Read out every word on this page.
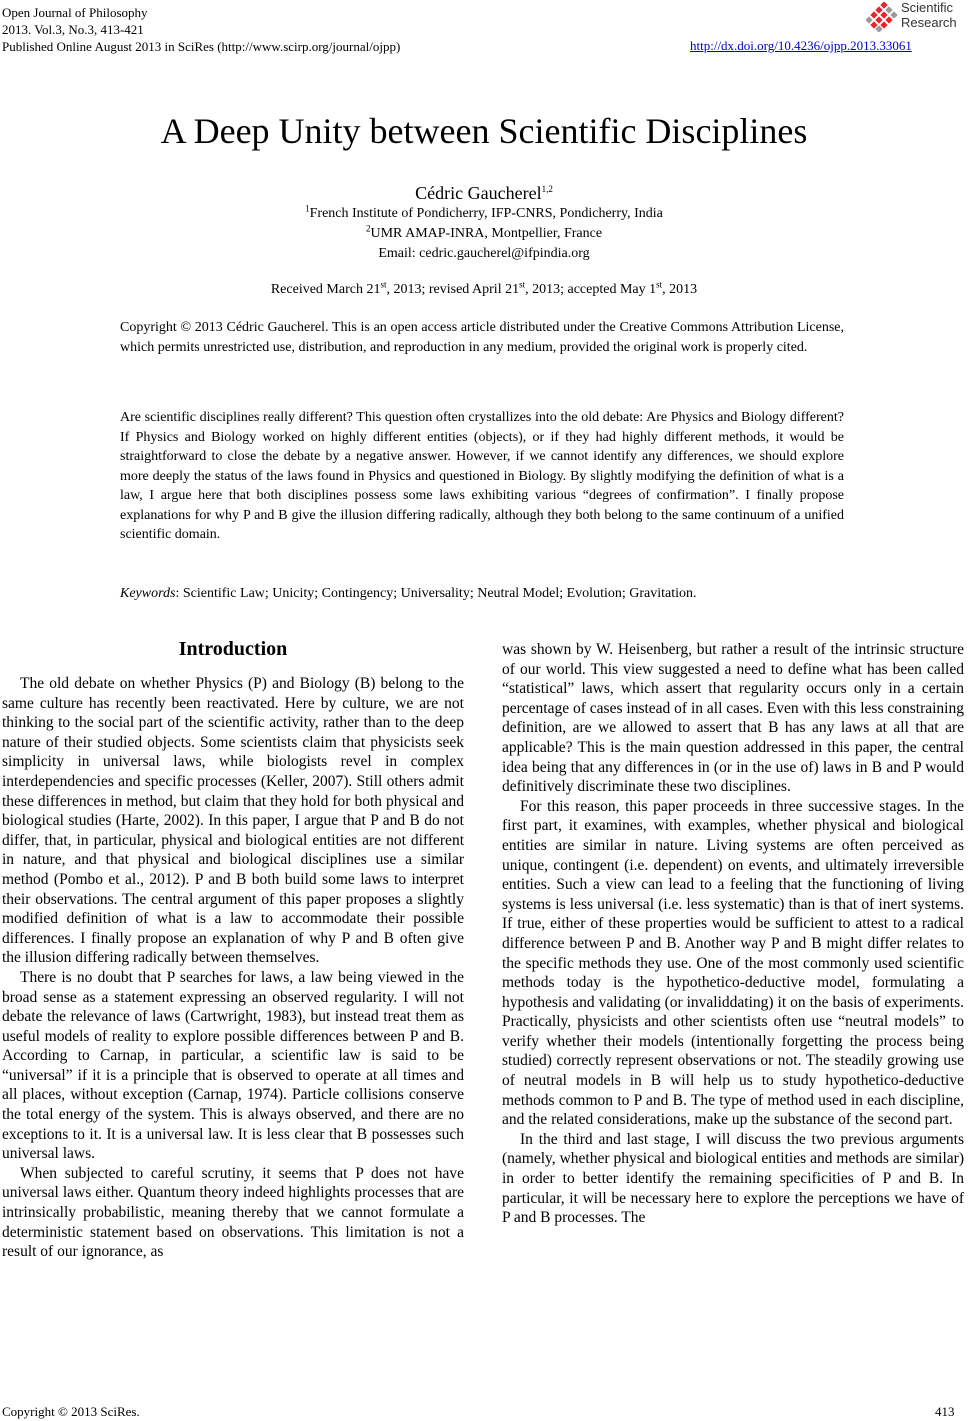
Open Journal of Philosophy
2013. Vol.3, No.3, 413-421
Published Online August 2013 in SciRes (http://www.scirp.org/journal/ojpp)	http://dx.doi.org/10.4236/ojpp.2013.33061
Scientific
Research
A Deep Unity between Scientific Disciplines
Cédric Gaucherel$^{1,2}$
$^1$French Institute of Pondicherry, IFP-CNRS, Pondicherry, India
$^2$UMR AMAP-INRA, Montpellier, France
Email: cedric.gaucherel@ifpindia.org
Received March 21st, 2013; revised April 21st, 2013; accepted May 1st, 2013
Copyright © 2013 Cédric Gaucherel. This is an open access article distributed under the Creative Commons Attribution License, which permits unrestricted use, distribution, and reproduction in any medium, provided the original work is properly cited.
Are scientific disciplines really different? This question often crystallizes into the old debate: Are Physics and Biology different? If Physics and Biology worked on highly different entities (objects), or if they had highly different methods, it would be straightforward to close the debate by a negative answer. However, if we cannot identify any differences, we should explore more deeply the status of the laws found in Physics and questioned in Biology. By slightly modifying the definition of what is a law, I argue here that both disciplines possess some laws exhibiting various “degrees of confirmation”. I finally propose explanations for why P and B give the illusion differing radically, although they both belong to the same continuum of a unified scientific domain.
Keywords: Scientific Law; Unicity; Contingency; Universality; Neutral Model; Evolution; Gravitation.
Introduction

The old debate on whether Physics (P) and Biology (B) belong to the same culture has recently been reactivated. Here by culture, we are not thinking to the social part of the scientific activity, rather than to the deep nature of their studied objects. Some scientists claim that physicists seek simplicity in universal laws, while biologists revel in complex interdependencies and specific processes (Keller, 2007). Still others admit these differences in method, but claim that they hold for both physical and biological studies (Harte, 2002). In this paper, I argue that P and B do not differ, that, in particular, physical and biological entities are not different in nature, and that physical and biological disciplines use a similar method (Pombo et al., 2012). P and B both build some laws to interpret their observations. The central argument of this paper proposes a slightly modified definition of what is a law to accommodate their possible differences. I finally propose an explanation of why P and B often give the illusion differing radically between themselves.

There is no doubt that P searches for laws, a law being viewed in the broad sense as a statement expressing an observed regularity. I will not debate the relevance of laws (Cartwright, 1983), but instead treat them as useful models of reality to explore possible differences between P and B. According to Carnap, in particular, a scientific law is said to be “universal” if it is a principle that is observed to operate at all times and all places, without exception (Carnap, 1974). Particle collisions conserve the total energy of the system. This is always observed, and there are no exceptions to it. It is a universal law. It is less clear that B possesses such universal laws.

When subjected to careful scrutiny, it seems that P does not have universal laws either. Quantum theory indeed highlights processes that are intrinsically probabilistic, meaning thereby that we cannot formulate a deterministic statement based on observations. This limitation is not a result of our ignorance, as

was shown by W. Heisenberg, but rather a result of the intrinsic structure of our world. This view suggested a need to define what has been called “statistical” laws, which assert that regularity occurs only in a certain percentage of cases instead of in all cases. Even with this less constraining definition, are we allowed to assert that B has any laws at all that are applicable? This is the main question addressed in this paper, the central idea being that any differences in (or in the use of) laws in B and P would definitively discriminate these two disciplines.

For this reason, this paper proceeds in three successive stages. In the first part, it examines, with examples, whether physical and biological entities are similar in nature. Living systems are often perceived as unique, contingent (i.e. dependent) on events, and ultimately irreversible entities. Such a view can lead to a feeling that the functioning of living systems is less universal (i.e. less systematic) than is that of inert systems. If true, either of these properties would be sufficient to attest to a radical difference between P and B. Another way P and B might differ relates to the specific methods they use. One of the most commonly used scientific methods today is the hypothetico-deductive model, formulating a hypothesis and validating (or invaliddating) it on the basis of experiments. Practically, physicists and other scientists often use “neutral models” to verify whether their models (intentionally forgetting the process being studied) correctly represent observations or not. The steadily growing use of neutral models in B will help us to study hypothetico-deductive methods common to P and B. The type of method used in each discipline, and the related considerations, make up the substance of the second part.

In the third and last stage, I will discuss the two previous arguments (namely, whether physical and biological entities and methods are similar) in order to better identify the remaining specificities of P and B. In particular, it will be necessary here to explore the perceptions we have of P and B processes. The

Copyright © 2013 SciRes.	413
